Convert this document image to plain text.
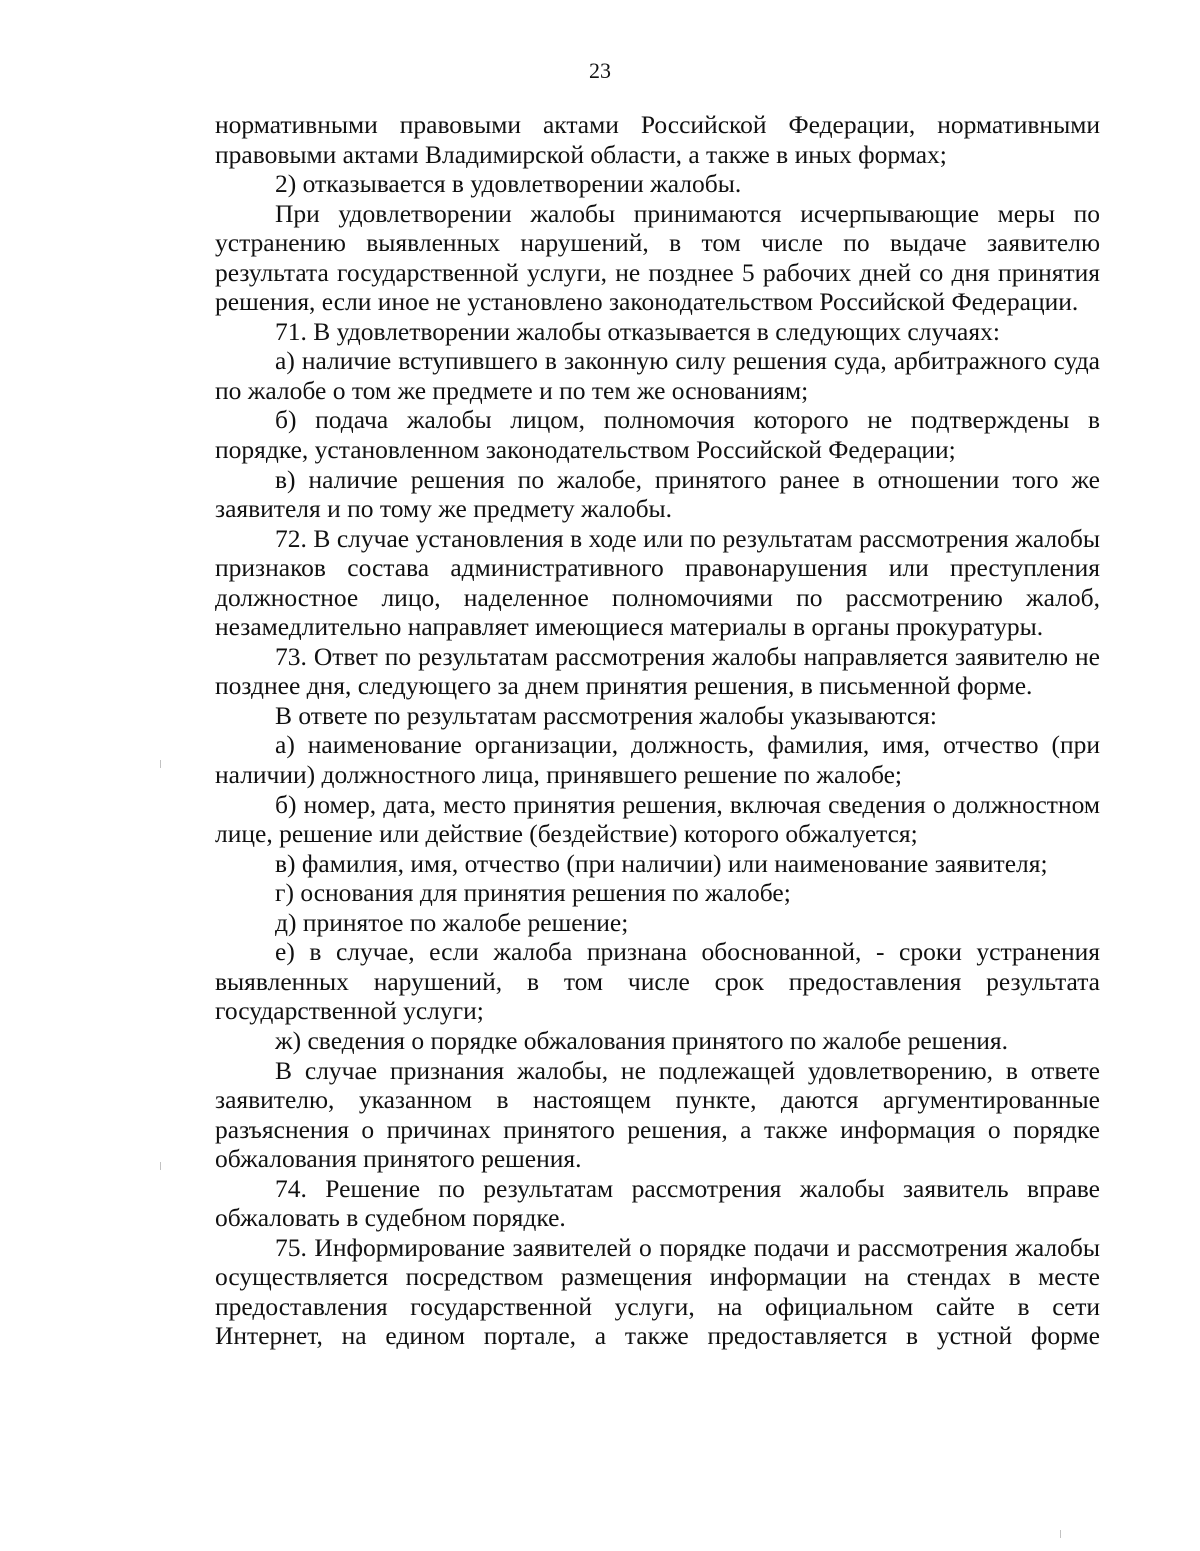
23

нормативными правовыми актами Российской Федерации, нормативными правовыми актами Владимирской области, а также в иных формах;

2) отказывается в удовлетворении жалобы.

При удовлетворении жалобы принимаются исчерпывающие меры по устранению выявленных нарушений, в том числе по выдаче заявителю результата государственной услуги, не позднее 5 рабочих дней со дня принятия решения, если иное не установлено законодательством Российской Федерации.

71. В удовлетворении жалобы отказывается в следующих случаях:

а) наличие вступившего в законную силу решения суда, арбитражного суда по жалобе о том же предмете и по тем же основаниям;

б) подача жалобы лицом, полномочия которого не подтверждены в порядке, установленном законодательством Российской Федерации;

в) наличие решения по жалобе, принятого ранее в отношении того же заявителя и по тому же предмету жалобы.

72. В случае установления в ходе или по результатам рассмотрения жалобы признаков состава административного правонарушения или преступления должностное лицо, наделенное полномочиями по рассмотрению жалоб, незамедлительно направляет имеющиеся материалы в органы прокуратуры.

73. Ответ по результатам рассмотрения жалобы направляется заявителю не позднее дня, следующего за днем принятия решения, в письменной форме.

В ответе по результатам рассмотрения жалобы указываются:

а) наименование организации, должность, фамилия, имя, отчество (при наличии) должностного лица, принявшего решение по жалобе;

б) номер, дата, место принятия решения, включая сведения о должностном лице, решение или действие (бездействие) которого обжалуется;

в) фамилия, имя, отчество (при наличии) или наименование заявителя;

г) основания для принятия решения по жалобе;

д) принятое по жалобе решение;

е) в случае, если жалоба признана обоснованной, - сроки устранения выявленных нарушений, в том числе срок предоставления результата государственной услуги;

ж) сведения о порядке обжалования принятого по жалобе решения.

В случае признания жалобы, не подлежащей удовлетворению, в ответе заявителю, указанном в настоящем пункте, даются аргументированные разъяснения о причинах принятого решения, а также информация о порядке обжалования принятого решения.

74. Решение по результатам рассмотрения жалобы заявитель вправе обжаловать в судебном порядке.

75. Информирование заявителей о порядке подачи и рассмотрения жалобы осуществляется посредством размещения информации на стендах в месте предоставления государственной услуги, на официальном сайте в сети Интернет, на едином портале, а также предоставляется в устной форме
